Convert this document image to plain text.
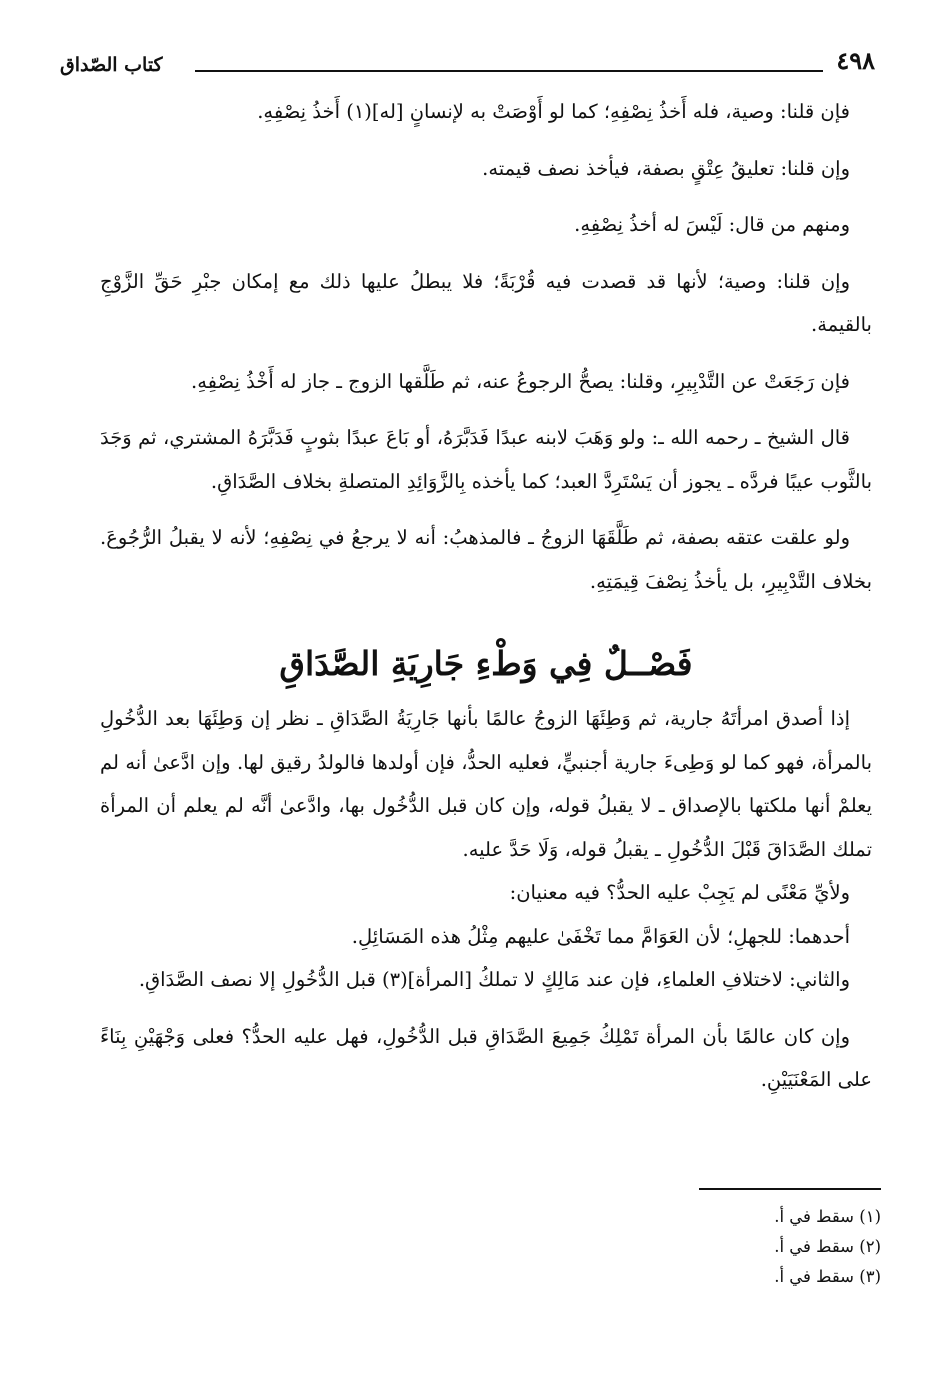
٤٩٨
كتاب الصّداق

فإن قلنا: وصية، فله أَخذُ نِصْفِهِ؛ كما لو أَوْصَتْ به لإنسانٍ [له](١) أَخذُ نِصْفِهِ.

وإن قلنا: تعليقُ عِتْقٍ بصفة، فيأخذ نصف قيمته.

ومنهم من قال: لَيْسَ له أخذُ نِصْفِهِ.

وإن قلنا: وصية؛ لأنها قد قصدت فيه قُرْبَةً؛ فلا يبطلُ عليها ذلك مع إمكان جبْرِ حَقِّ الزَّوْجِ بالقيمة.

فإن رَجَعَتْ عن التَّدْبِيرِ، وقلنا: يصحُّ الرجوعُ عنه، ثم طَلَّقها الزوج ـ جاز له أَخْذُ نِصْفِهِ.

قال الشيخ ـ رحمه الله ـ: ولو وَهَبَ لابنه عبدًا فَدَبَّرَهُ، أو بَاعَ عبدًا بثوبٍ فَدَبَّرَهُ المشتري، ثم وَجَدَ بالثَّوب عيبًا فردَّه ـ يجوز أن يَسْتَرِدَّ العبد؛ كما يأخذه بِالزَّوَائِدِ المتصلةِ بخلاف الصَّدَاقِ.

ولو علقت عتقه بصفة، ثم طَلَّقَهَا الزوجُ ـ فالمذهبُ: أنه لا يرجعُ في نِصْفِهِ؛ لأنه لا يقبلُ الرُّجُوعَ. بخلاف التَّدْبِيرِ، بل يأخذُ نِصْفَ قِيمَتِهِ.

فَصْــلٌ فِي وَطْءِ جَارِيَةِ الصَّدَاقِ

إذا أصدق امرأتَهُ جارية، ثم وَطِئَهَا الزوجُ عالمًا بأنها جَارِيَةُ الصَّدَاقِ ـ نظر إن وَطِئَهَا بعد الدُّخُولِ بالمرأة، فهو كما لو وَطِىءَ جارية أجنبيٍّ، فعليه الحدُّ، فإن أولدها فالولدُ رقيق لها. وإن ادَّعىٰ أنه لم يعلمْ أنها ملكتها بالإصداق ـ لا يقبلُ قوله، وإن كان قبل الدُّخُول بها، وادَّعىٰ أنَّه لم يعلم أن المرأة تملك الصَّدَاقَ قَبْلَ الدُّخُولِ ـ يقبلُ قوله، وَلَا حَدَّ عليه.

ولأيِّ مَعْنًى لم يَجِبْ عليه الحدُّ؟ فيه معنيان:

أحدهما: للجهلِ؛ لأن العَوَامَّ مما تَخْفَىٰ عليهم مِثْلُ هذه المَسَائِلِ.

والثاني: لاختلافِ العلماءِ، فإن عند مَالِكٍ لا تملكُ [المرأة](٣) قبل الدُّخُولِ إلا نصف الصَّدَاقِ.

وإن كان عالمًا بأن المرأة تَمْلِكُ جَمِيعَ الصَّدَاقِ قبل الدُّخُولِ، فهل عليه الحدُّ؟ فعلى وَجْهَيْنِ بِنَاءً على المَعْنَيَيْنِ.

(١) سقط في أ.
(٢) سقط في أ.
(٣) سقط في أ.
